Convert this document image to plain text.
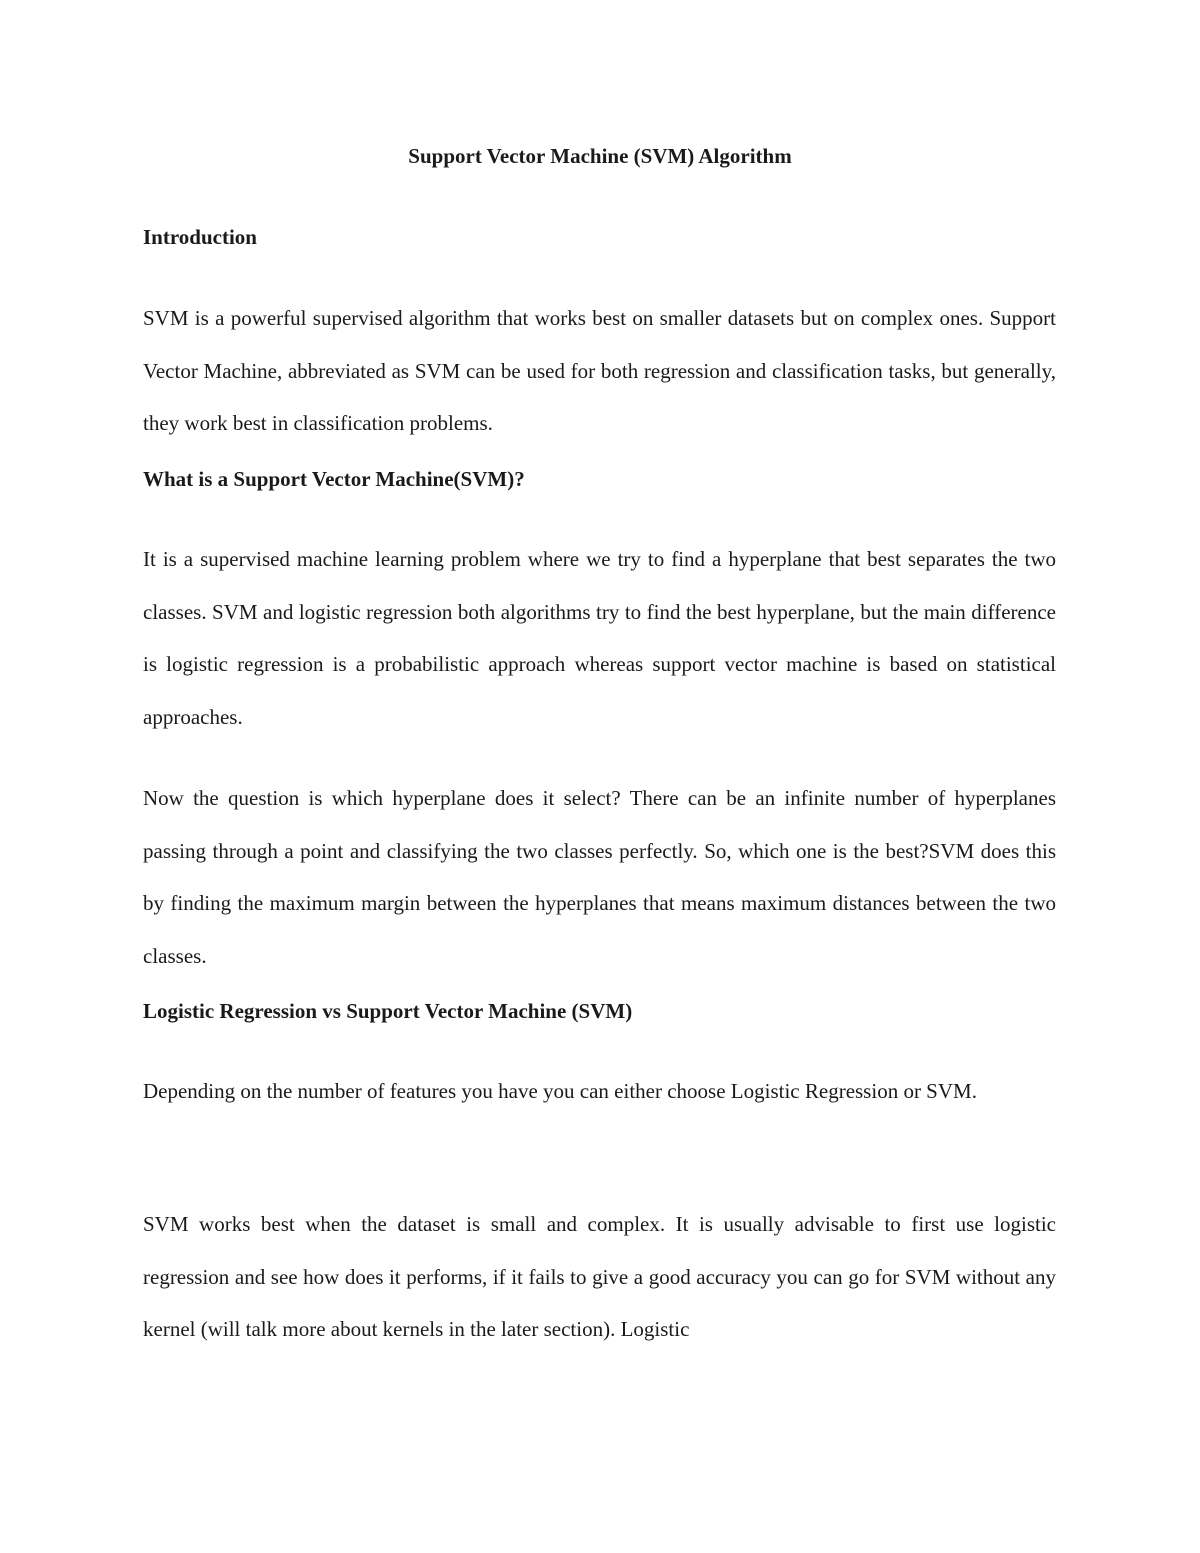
Support Vector Machine (SVM) Algorithm
Introduction

SVM is a powerful supervised algorithm that works best on smaller datasets but on complex ones. Support Vector Machine, abbreviated as SVM can be used for both regression and classification tasks, but generally, they work best in classification problems.

What is a Support Vector Machine(SVM)?

It is a supervised machine learning problem where we try to find a hyperplane that best separates the two classes. SVM and logistic regression both algorithms try to find the best hyperplane, but the main difference is logistic regression is a probabilistic approach whereas support vector machine is based on statistical approaches.

Now the question is which hyperplane does it select? There can be an infinite number of hyperplanes passing through a point and classifying the two classes perfectly. So, which one is the best?SVM does this by finding the maximum margin between the hyperplanes that means maximum distances between the two classes.

Logistic Regression vs Support Vector Machine (SVM)

Depending on the number of features you have you can either choose Logistic Regression or SVM.

SVM works best when the dataset is small and complex. It is usually advisable to first use logistic regression and see how does it performs, if it fails to give a good accuracy you can go for SVM without any kernel (will talk more about kernels in the later section). Logistic
